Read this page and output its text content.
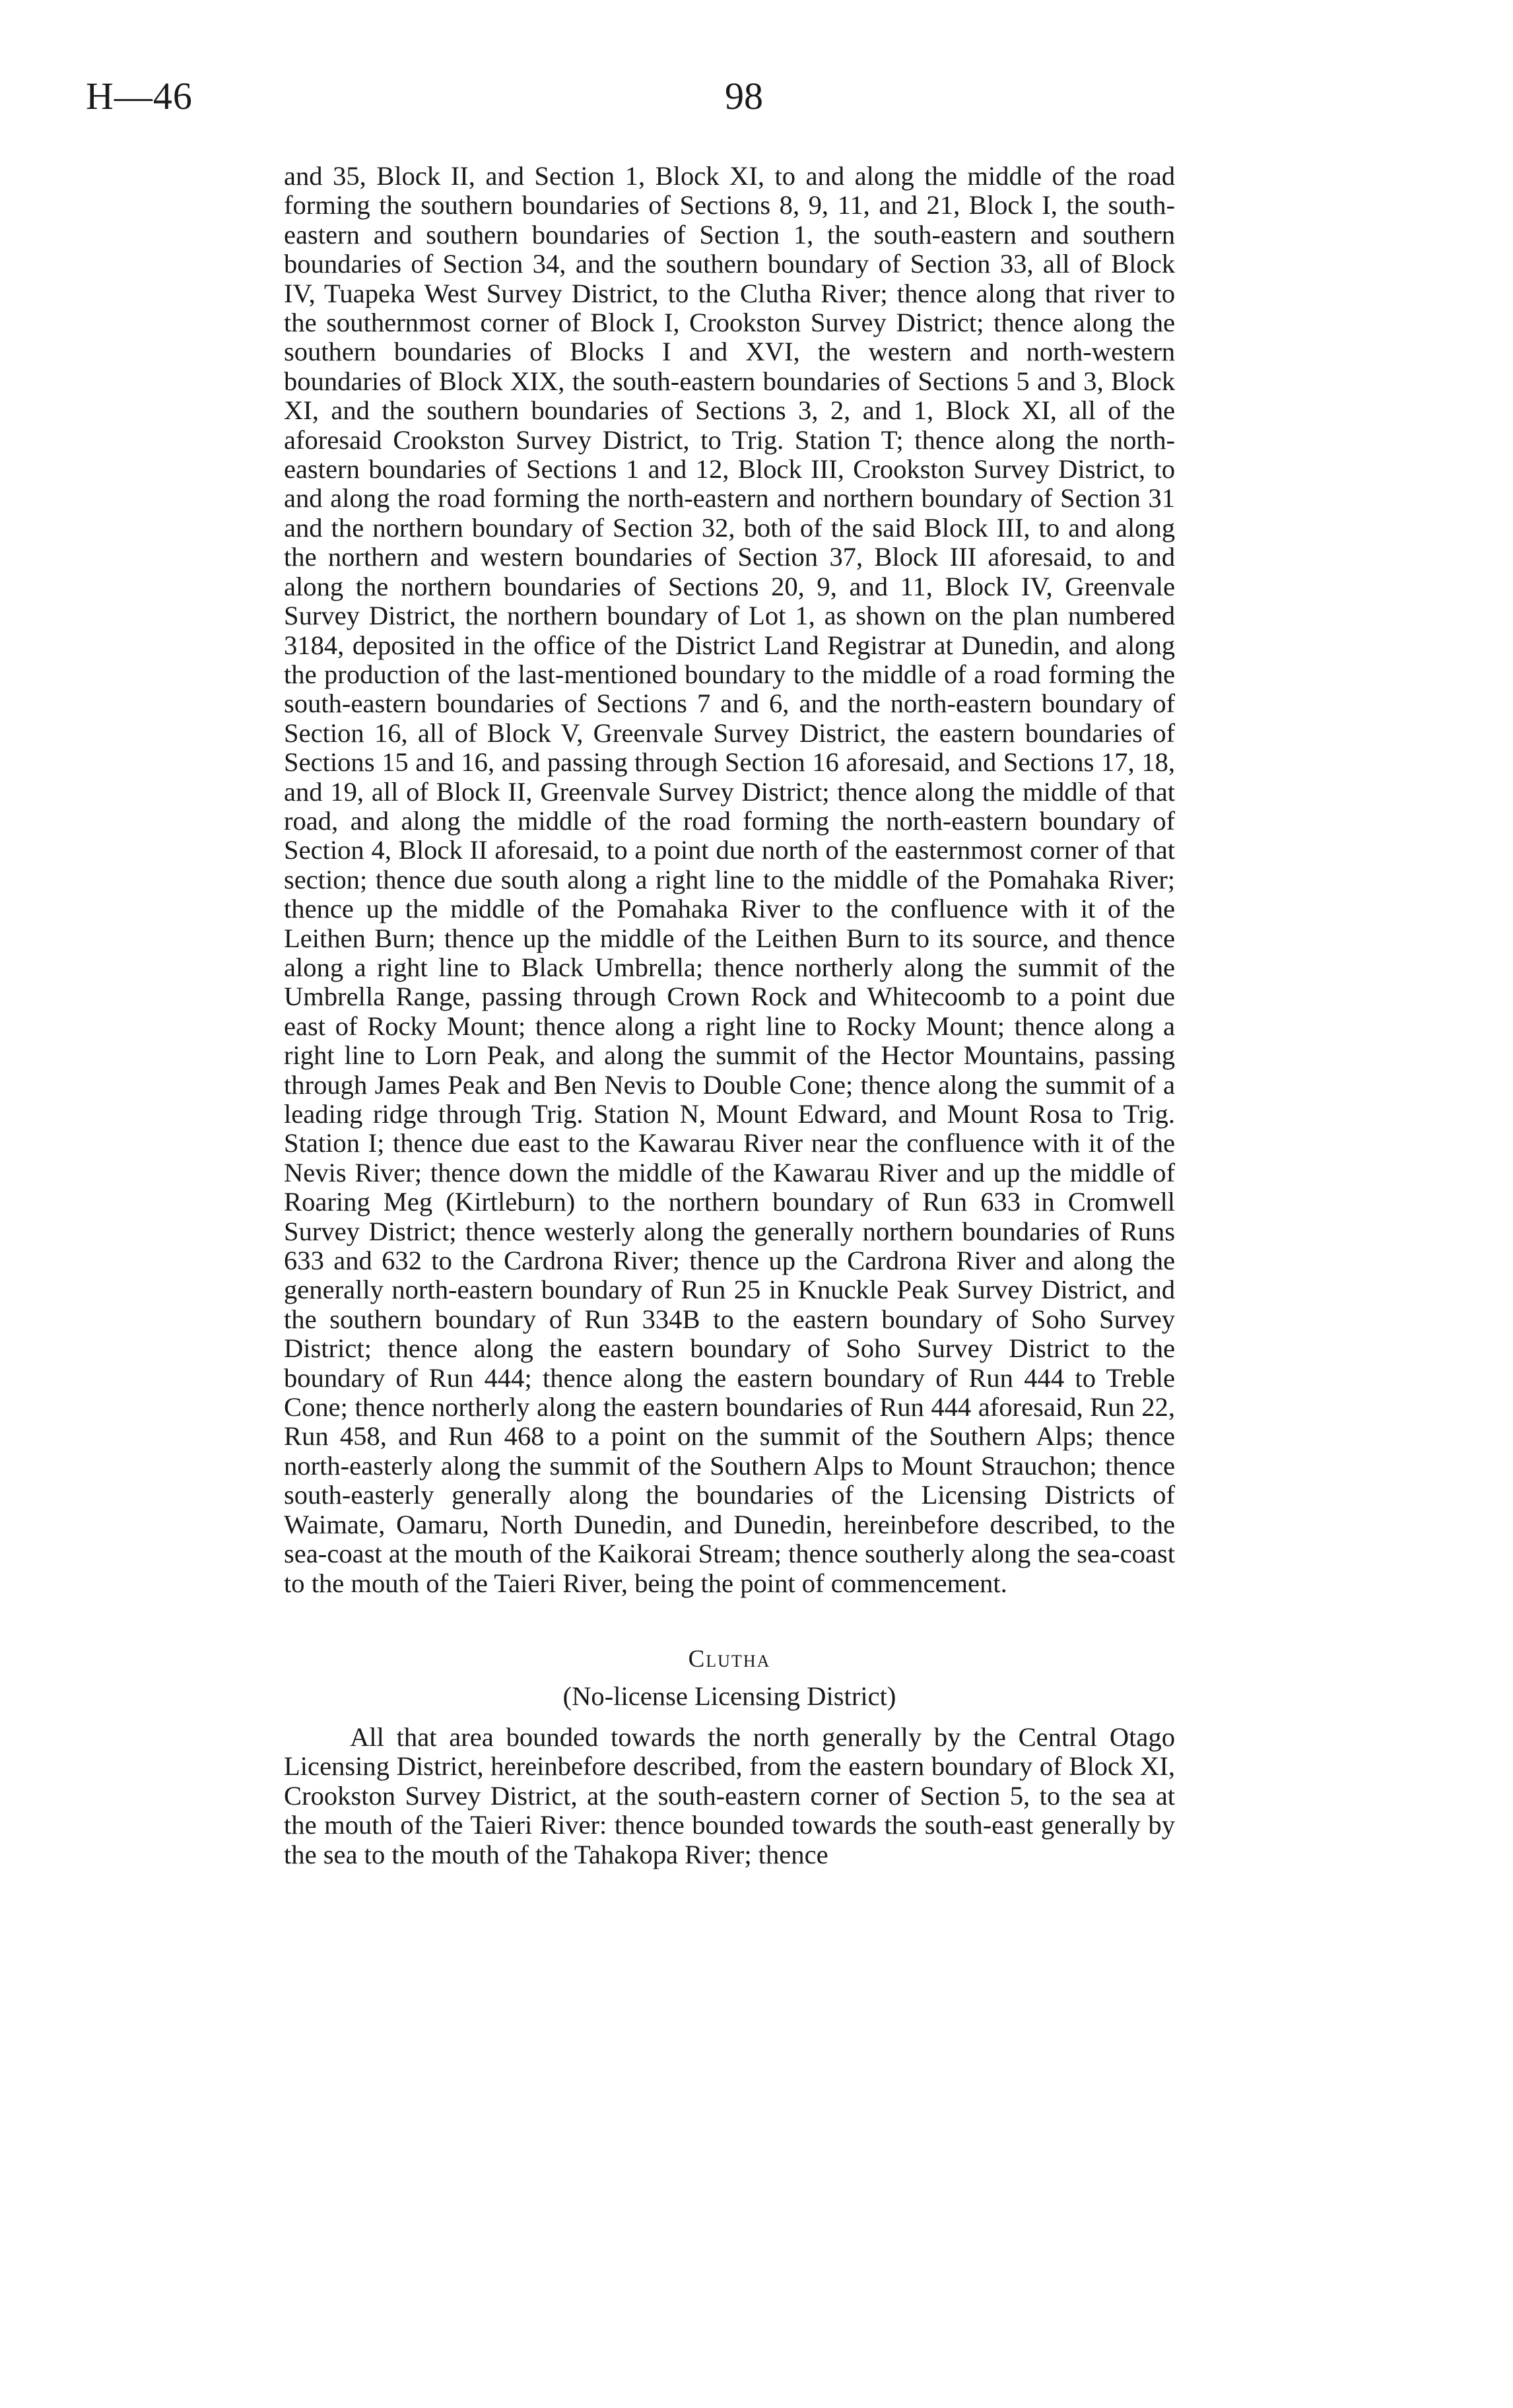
H—46	98

and 35, Block II, and Section 1, Block XI, to and along the middle of the road forming the southern boundaries of Sections 8, 9, 11, and 21, Block I, the south-eastern and southern boundaries of Section 1, the south-eastern and southern boundaries of Section 34, and the southern boundary of Section 33, all of Block IV, Tuapeka West Survey District, to the Clutha River; thence along that river to the southernmost corner of Block I, Crookston Survey District; thence along the southern boundaries of Blocks I and XVI, the western and north-western boundaries of Block XIX, the south-eastern boundaries of Sections 5 and 3, Block XI, and the southern boundaries of Sections 3, 2, and 1, Block XI, all of the aforesaid Crookston Survey District, to Trig. Station T; thence along the north-eastern boundaries of Sections 1 and 12, Block III, Crookston Survey District, to and along the road forming the north-eastern and northern boundary of Section 31 and the northern boundary of Section 32, both of the said Block III, to and along the northern and western boundaries of Section 37, Block III aforesaid, to and along the northern boundaries of Sections 20, 9, and 11, Block IV, Greenvale Survey District, the northern boundary of Lot 1, as shown on the plan numbered 3184, deposited in the office of the District Land Registrar at Dunedin, and along the production of the last-mentioned boundary to the middle of a road forming the south-eastern boundaries of Sections 7 and 6, and the north-eastern boundary of Section 16, all of Block V, Greenvale Survey District, the eastern boundaries of Sections 15 and 16, and passing through Section 16 aforesaid, and Sections 17, 18, and 19, all of Block II, Greenvale Survey District; thence along the middle of that road, and along the middle of the road forming the north-eastern boundary of Section 4, Block II aforesaid, to a point due north of the easternmost corner of that section; thence due south along a right line to the middle of the Pomahaka River; thence up the middle of the Pomahaka River to the confluence with it of the Leithen Burn; thence up the middle of the Leithen Burn to its source, and thence along a right line to Black Umbrella; thence northerly along the summit of the Umbrella Range, passing through Crown Rock and Whitecoomb to a point due east of Rocky Mount; thence along a right line to Rocky Mount; thence along a right line to Lorn Peak, and along the summit of the Hector Mountains, passing through James Peak and Ben Nevis to Double Cone; thence along the summit of a leading ridge through Trig. Station N, Mount Edward, and Mount Rosa to Trig. Station I; thence due east to the Kawarau River near the confluence with it of the Nevis River; thence down the middle of the Kawarau River and up the middle of Roaring Meg (Kirtleburn) to the northern boundary of Run 633 in Cromwell Survey District; thence westerly along the generally northern boundaries of Runs 633 and 632 to the Cardrona River; thence up the Cardrona River and along the generally north-eastern boundary of Run 25 in Knuckle Peak Survey District, and the southern boundary of Run 334B to the eastern boundary of Soho Survey District; thence along the eastern boundary of Soho Survey District to the boundary of Run 444; thence along the eastern boundary of Run 444 to Treble Cone; thence northerly along the eastern boundaries of Run 444 aforesaid, Run 22, Run 458, and Run 468 to a point on the summit of the Southern Alps; thence north-easterly along the summit of the Southern Alps to Mount Strauchon; thence south-easterly generally along the boundaries of the Licensing Districts of Waimate, Oamaru, North Dunedin, and Dunedin, hereinbefore described, to the sea-coast at the mouth of the Kaikorai Stream; thence southerly along the sea-coast to the mouth of the Taieri River, being the point of commencement.

Clutha
(No-license Licensing District)

All that area bounded towards the north generally by the Central Otago Licensing District, hereinbefore described, from the eastern boundary of Block XI, Crookston Survey District, at the south-eastern corner of Section 5, to the sea at the mouth of the Taieri River: thence bounded towards the south-east generally by the sea to the mouth of the Tahakopa River; thence
